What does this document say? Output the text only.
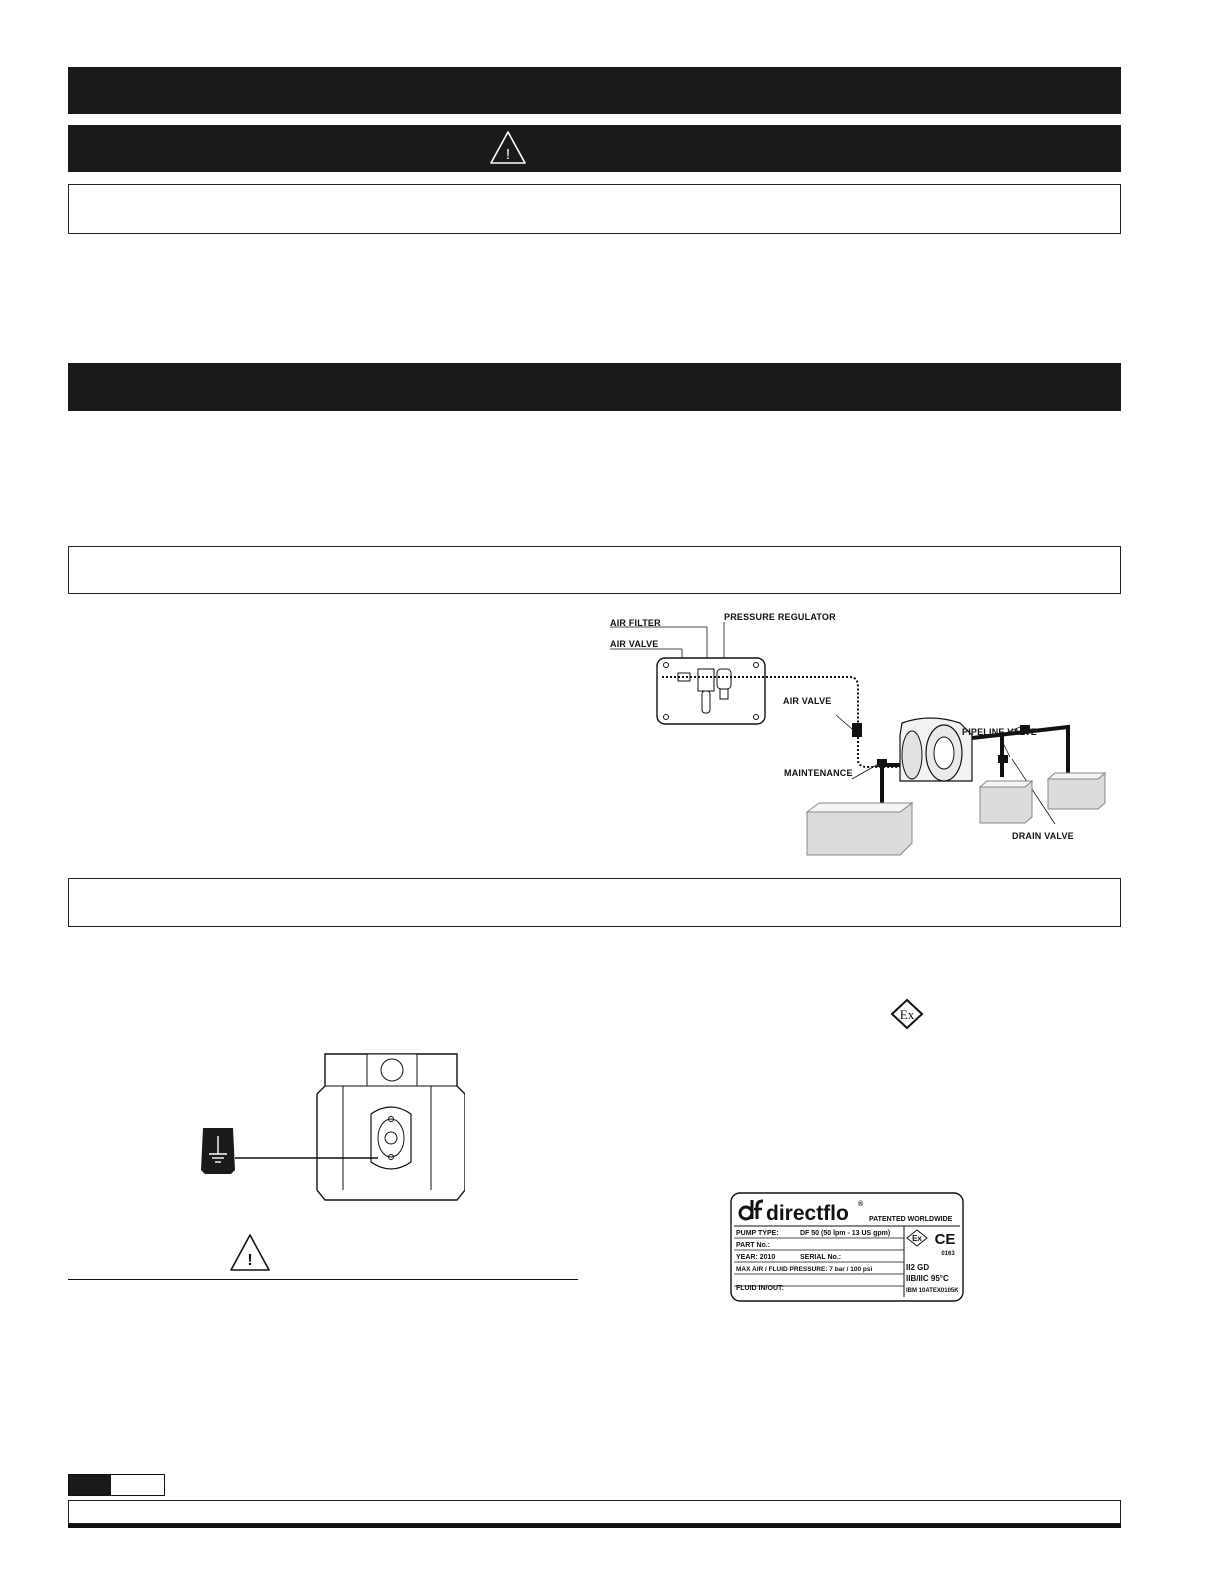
!
AIR FILTER
AIR VALVE
PRESSURE REGULATOR
AIR VALVE
PIPELINE VALVE
MAINTENANCE
DRAIN VALVE
!
Ex
directflo ®
PATENTED WORLDWIDE
PUMP TYPE:	DF 50 (50 lpm - 13 US gpm)
PART No.:
YEAR: 2010	SERIAL No.:
MAX AIR / FLUID PRESSURE: 7 bar / 100 psi
FLUID IN/OUT:
Ex CE
0163
II2 GD
IIB/IIC 95°C
IBM 10ATEX0105K
